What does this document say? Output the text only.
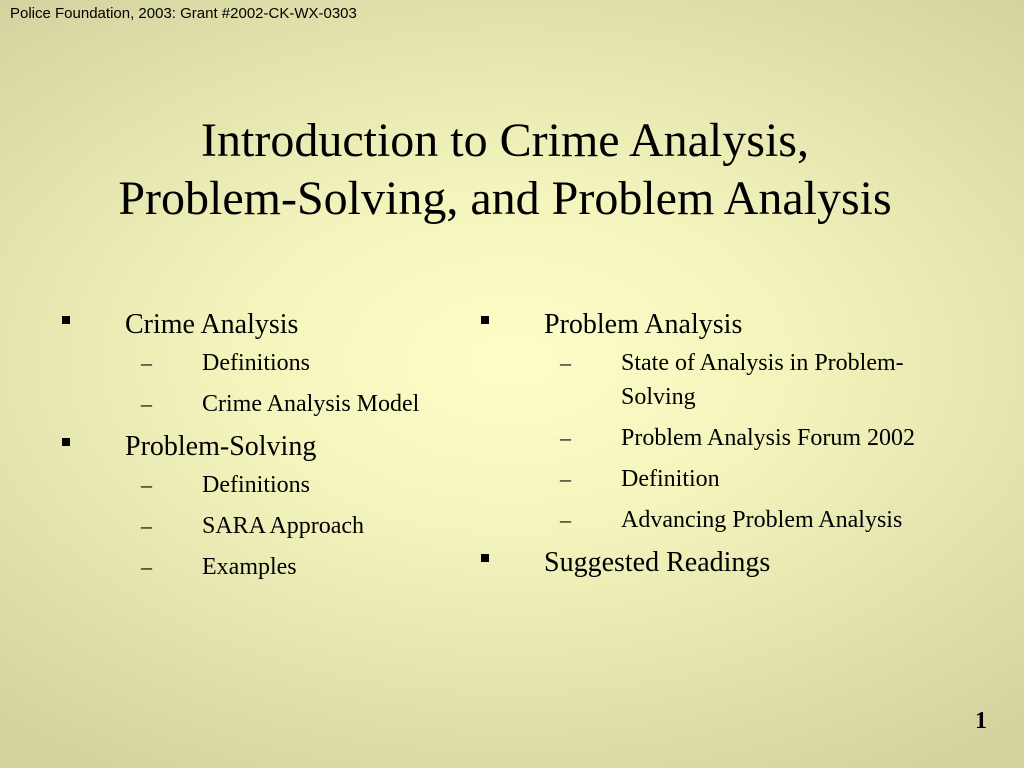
Police Foundation, 2003: Grant #2002-CK-WX-0303
Introduction to Crime Analysis,
Problem-Solving, and Problem Analysis
Crime Analysis
– Definitions
– Crime Analysis Model
Problem-Solving
– Definitions
– SARA Approach
– Examples
Problem Analysis
– State of Analysis in Problem-Solving
– Problem Analysis Forum 2002
– Definition
– Advancing Problem Analysis
Suggested Readings
1
